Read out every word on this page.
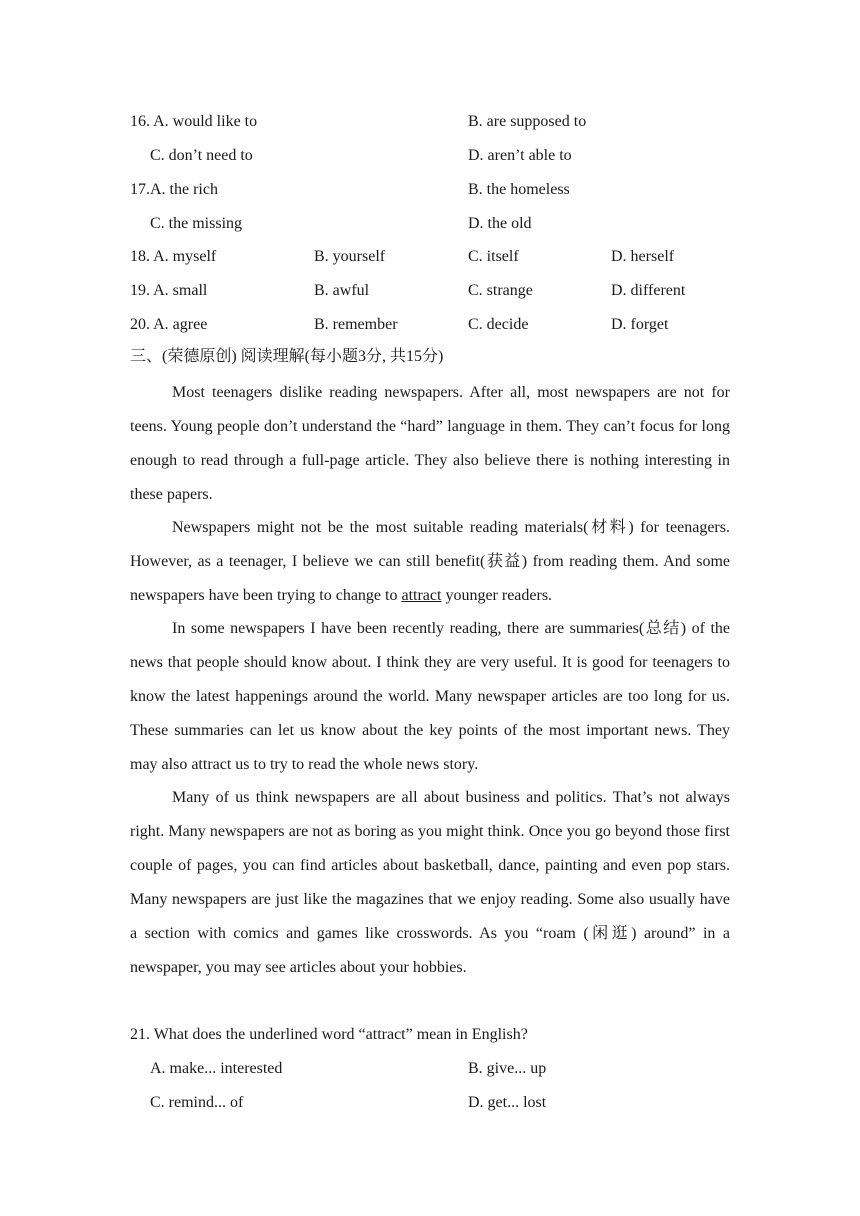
16. A. would like to	B. are supposed to
C. don’t need to	D. aren’t able to
17.A. the rich	B. the homeless
C. the missing	D. the old
18. A. myself	B. yourself	C. itself	D. herself
19. A. small	B. awful	C. strange	D. different
20. A. agree	B. remember	C. decide	D. forget
三、(荣德原创) 阅读理解(每小题3分, 共15分)

Most teenagers dislike reading newspapers. After all, most newspapers are not for teens. Young people don’t understand the “hard” language in them. They can’t focus for long enough to read through a full-page article. They also believe there is nothing interesting in these papers.

Newspapers might not be the most suitable reading materials(材料) for teenagers. However, as a teenager, I believe we can still benefit(获益) from reading them. And some newspapers have been trying to change to attract younger readers.

In some newspapers I have been recently reading, there are summaries(总结) of the news that people should know about. I think they are very useful. It is good for teenagers to know the latest happenings around the world. Many newspaper articles are too long for us. These summaries can let us know about the key points of the most important news. They may also attract us to try to read the whole news story.

Many of us think newspapers are all about business and politics. That’s not always right. Many newspapers are not as boring as you might think. Once you go beyond those first couple of pages, you can find articles about basketball, dance, painting and even pop stars. Many newspapers are just like the magazines that we enjoy reading. Some also usually have a section with comics and games like crosswords. As you “roam (闲逛) around” in a newspaper, you may see articles about your hobbies.

21. What does the underlined word “attract” mean in English?
A. make... interested	B. give... up
C. remind... of	D. get... lost
